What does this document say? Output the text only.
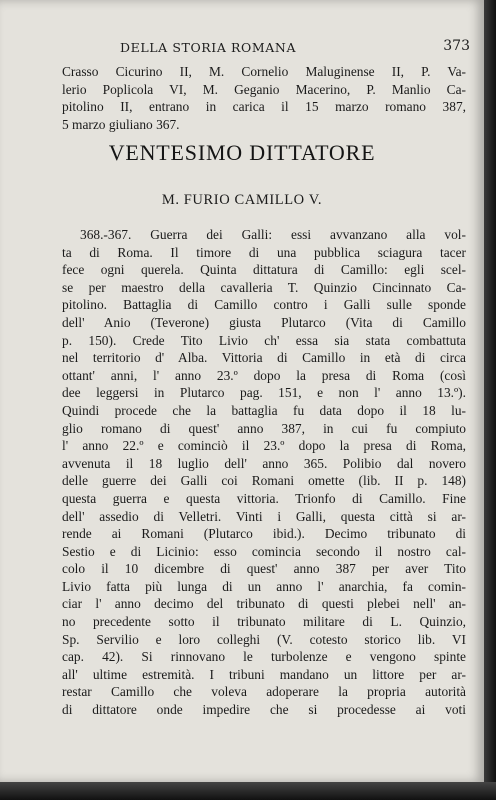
DELLA STORIA ROMANA	373
Crasso Cicurino II, M. Cornelio Maluginense II, P. Va-
lerio Poplicola VI, M. Geganio Macerino, P. Manlio Ca-
pitolino II, entrano in carica il 15 marzo romano 387,
5 marzo giuliano 367.
VENTESIMO DITTATORE
M. FURIO CAMILLO V.
368.-367. Guerra dei Galli: essi avvanzano alla vol-
ta di Roma. Il timore di una pubblica sciagura tacer
fece ogni querela. Quinta dittatura di Camillo: egli scel-
se per maestro della cavalleria T. Quinzio Cincinnato Ca-
pitolino. Battaglia di Camillo contro i Galli sulle sponde
dell' Anio (Teverone) giusta Plutarco (Vita di Camillo
p. 150). Crede Tito Livio ch' essa sia stata combattuta
nel territorio d' Alba. Vittoria di Camillo in età di circa
ottant' anni, l' anno 23.º dopo la presa di Roma (così
dee leggersi in Plutarco pag. 151, e non l' anno 13.º).
Quindi procede che la battaglia fu data dopo il 18 lu-
glio romano di quest' anno 387, in cui fu compiuto
l' anno 22.º e cominciò il 23.º dopo la presa di Roma,
avvenuta il 18 luglio dell' anno 365. Polibio dal novero
delle guerre dei Galli coi Romani omette (lib. II p. 148)
questa guerra e questa vittoria. Trionfo di Camillo. Fine
dell' assedio di Velletri. Vinti i Galli, questa città si ar-
rende ai Romani (Plutarco ibid.). Decimo tribunato di
Sestio e di Licinio: esso comincia secondo il nostro cal-
colo il 10 dicembre di quest' anno 387 per aver Tito
Livio fatta più lunga di un anno l' anarchia, fa comin-
ciar l' anno decimo del tribunato di questi plebei nell' an-
no precedente sotto il tribunato militare di L. Quinzio,
Sp. Servilio e loro colleghi (V. cotesto storico lib. VI
cap. 42). Si rinnovano le turbolenze e vengono spinte
all' ultime estremità. I tribuni mandano un littore per ar-
restar Camillo che voleva adoperare la propria autorità
di dittatore onde impedire che si procedesse ai voti
